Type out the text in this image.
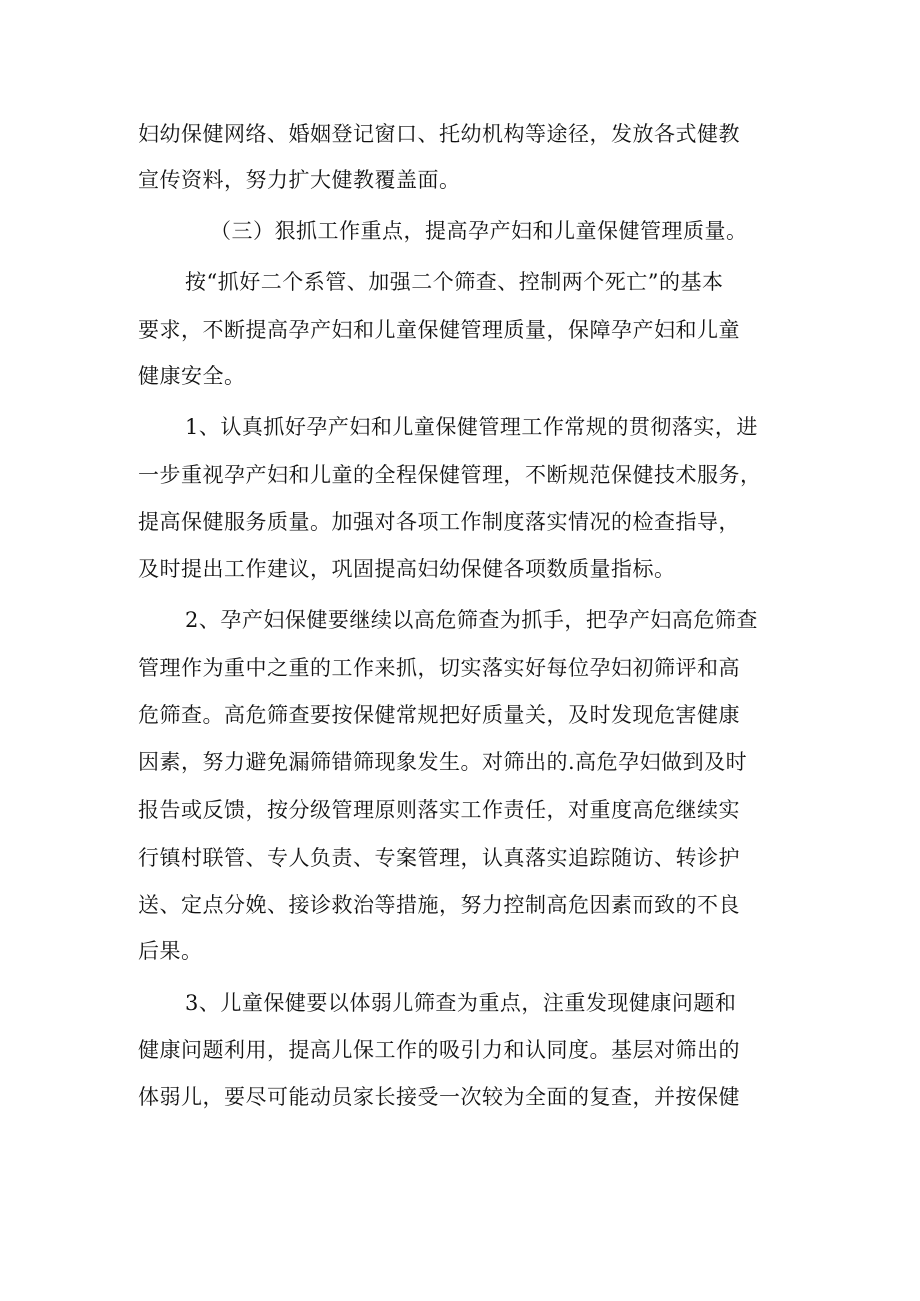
妇幼保健网络、婚姻登记窗口、托幼机构等途径，发放各式健教
宣传资料，努力扩大健教覆盖面。
（三）狠抓工作重点，提高孕产妇和儿童保健管理质量。
按“抓好二个系管、加强二个筛查、控制两个死亡”的基本
要求，不断提高孕产妇和儿童保健管理质量，保障孕产妇和儿童
健康安全。
1、认真抓好孕产妇和儿童保健管理工作常规的贯彻落实，进
一步重视孕产妇和儿童的全程保健管理，不断规范保健技术服务，
提高保健服务质量。加强对各项工作制度落实情况的检查指导，
及时提出工作建议，巩固提高妇幼保健各项数质量指标。
2、孕产妇保健要继续以高危筛查为抓手，把孕产妇高危筛查
管理作为重中之重的工作来抓，切实落实好每位孕妇初筛评和高
危筛查。高危筛查要按保健常规把好质量关，及时发现危害健康
因素，努力避免漏筛错筛现象发生。对筛出的.高危孕妇做到及时
报告或反馈，按分级管理原则落实工作责任，对重度高危继续实
行镇村联管、专人负责、专案管理，认真落实追踪随访、转诊护
送、定点分娩、接诊救治等措施，努力控制高危因素而致的不良
后果。
3、儿童保健要以体弱儿筛查为重点，注重发现健康问题和
健康问题利用，提高儿保工作的吸引力和认同度。基层对筛出的
体弱儿，要尽可能动员家长接受一次较为全面的复查，并按保健
